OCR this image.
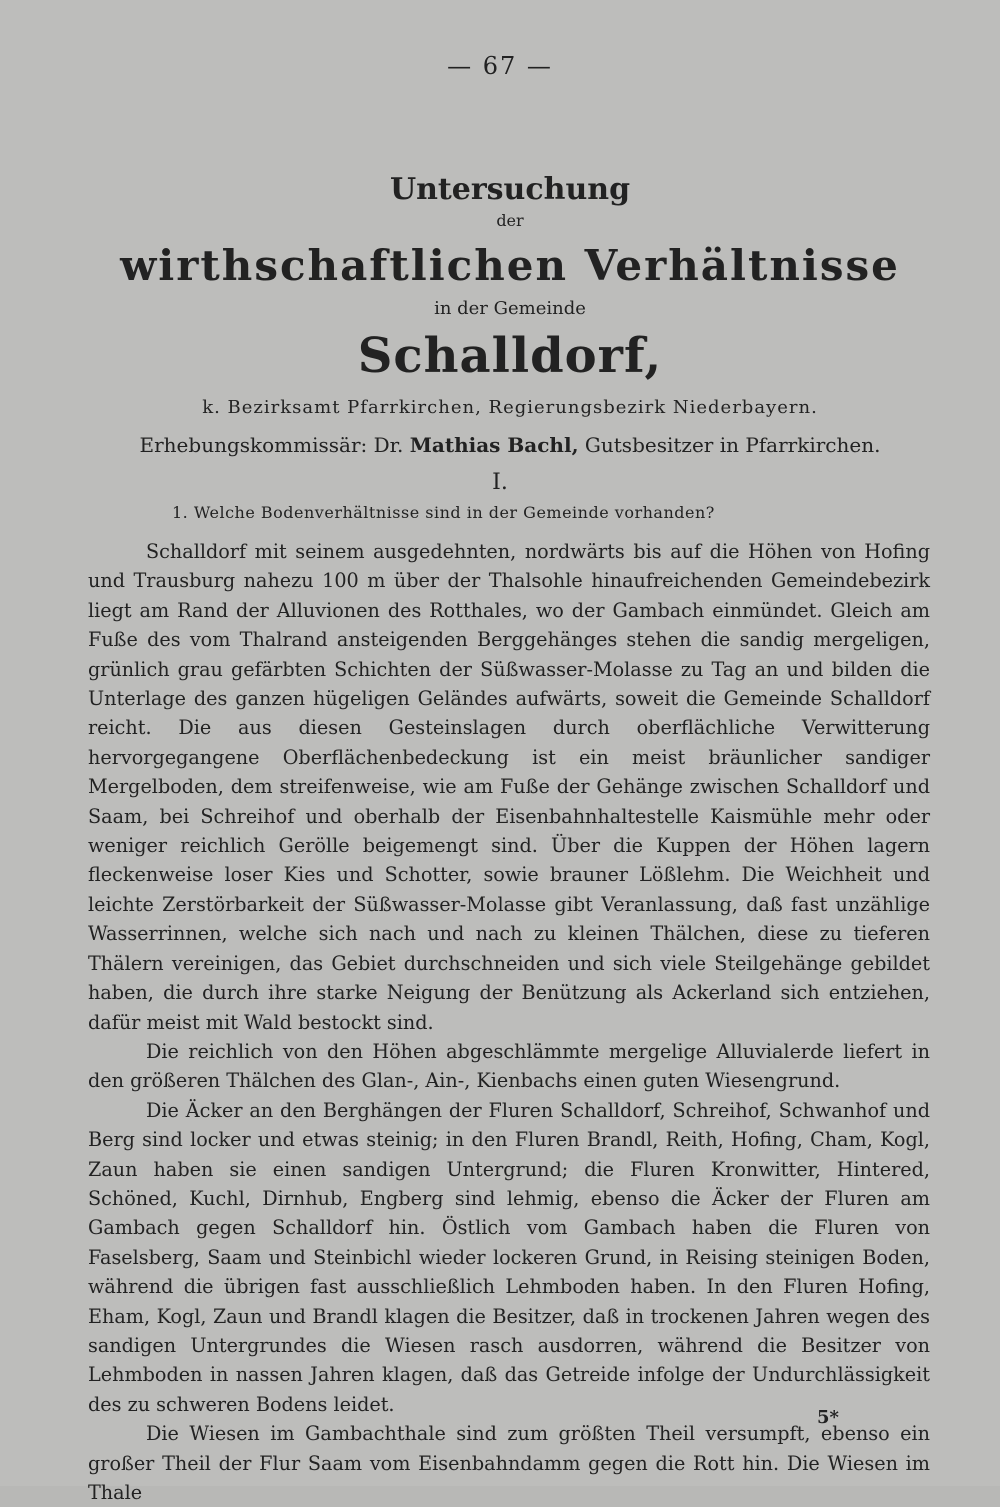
— 67 —

Untersuchung

der

wirthschaftlichen Verhältnisse

in der Gemeinde

Schalldorf,

k. Bezirksamt Pfarrkirchen, Regierungsbezirk Niederbayern.

Erhebungskommissär: Dr. Mathias Bachl, Gutsbesitzer in Pfarrkirchen.

I.
1. Welche Bodenverhältnisse sind in der Gemeinde vorhanden?

Schalldorf mit seinem ausgedehnten, nordwärts bis auf die Höhen von Hofing und Trausburg nahezu 100 m über der Thalsohle hinaufreichenden Gemeindebezirk liegt am Rand der Alluvionen des Rotthales, wo der Gambach einmündet. Gleich am Fuße des vom Thalrand ansteigenden Berggehänges stehen die sandig mergeligen, grünlich grau gefärbten Schichten der Süßwasser-Molasse zu Tag an und bilden die Unterlage des ganzen hügeligen Geländes aufwärts, soweit die Gemeinde Schalldorf reicht. Die aus diesen Gesteinslagen durch oberflächliche Verwitterung hervorgegangene Oberflächenbedeckung ist ein meist bräunlicher sandiger Mergelboden, dem streifenweise, wie am Fuße der Gehänge zwischen Schalldorf und Saam, bei Schreihof und oberhalb der Eisenbahnhaltestelle Kaismühle mehr oder weniger reichlich Gerölle beigemengt sind. Über die Kuppen der Höhen lagern fleckenweise loser Kies und Schotter, sowie brauner Lößlehm. Die Weichheit und leichte Zerstörbarkeit der Süßwasser-Molasse gibt Veranlassung, daß fast unzählige Wasserrinnen, welche sich nach und nach zu kleinen Thälchen, diese zu tieferen Thälern vereinigen, das Gebiet durchschneiden und sich viele Steilgehänge gebildet haben, die durch ihre starke Neigung der Benützung als Ackerland sich entziehen, dafür meist mit Wald bestockt sind.

Die reichlich von den Höhen abgeschlämmte mergelige Alluvialerde liefert in den größeren Thälchen des Glan-, Ain-, Kienbachs einen guten Wiesengrund.

Die Äcker an den Berghängen der Fluren Schalldorf, Schreihof, Schwanhof und Berg sind locker und etwas steinig; in den Fluren Brandl, Reith, Hofing, Cham, Kogl, Zaun haben sie einen sandigen Untergrund; die Fluren Kronwitter, Hintered, Schöned, Kuchl, Dirnhub, Engberg sind lehmig, ebenso die Äcker der Fluren am Gambach gegen Schalldorf hin. Östlich vom Gambach haben die Fluren von Faselsberg, Saam und Steinbichl wieder lockeren Grund, in Reising steinigen Boden, während die übrigen fast ausschließlich Lehmboden haben. In den Fluren Hofing, Eham, Kogl, Zaun und Brandl klagen die Besitzer, daß in trockenen Jahren wegen des sandigen Untergrundes die Wiesen rasch ausdorren, während die Besitzer von Lehmboden in nassen Jahren klagen, daß das Getreide infolge der Undurchlässigkeit des zu schweren Bodens leidet.

Die Wiesen im Gambachthale sind zum größten Theil versumpft, ebenso ein großer Theil der Flur Saam vom Eisenbahndamm gegen die Rott hin. Die Wiesen im Thale

5*
